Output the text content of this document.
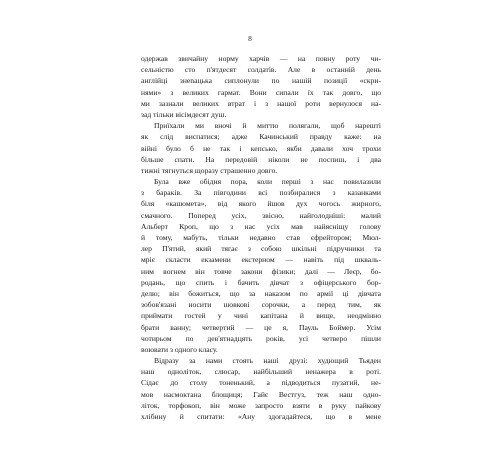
8
одержав звичайну норму харчів — на повну роту чи-
сельністю сто п'ятдесят солдатів. Але в останній день
англійці знenацька сиплонули по нашій позиції «скри-
нями» з великих гармат. Вони сипали їх так довго, що
ми зазнали великих втрат і з нашої роти вернулося на-
зад тільки вісімдесят душ.
Приїхали ми вночі й миттю полягали, щоб нарешті
як слід виспатися; адже Качинський правду каже: на
війні було б не так і кепсько, якби давали хоч трохи
більше спати. На передовій ніколи не поспиш, і два
тижні тягнуться щоразу страшенно довго.
Була вже обідня пора, коли перші з нас повилазили
з бараків. За півгодини всі позбиралися з казанками
біля «кашомета», від якого йшов дух чогось жирного,
смачного. Поперед усіх, звісно, найголодніші: малий
Альберт Кроп, що з нас усіх мав найясніщу голову
й тому, мабуть, тільки недавно став єфрейтором; Мюл-
лер П'ятий, який тягає з собою шкільні підручники та
мріє скласти екзамени екстерном — навіть під шкваль-
ним вогнем він товче закони фізики; далі — Леєр, бо-
родань, що спить і бачить дівчат з офіцерського бор-
делю; він божиться, що за наказом по армії ці дівчата
зобов'язані носити шовкові сорочки, а перед тим, як
приймати гостей у чині капітана й вище, неодмінно
брати ванну; четвертий — це я, Пауль Боймер. Усім
чотирьом по дев'ятнадцять років, усі четверо пішли
воювати з одного класу.
Відразу за нами стоять наші друзі: худющий Тьяден
наш одноліток, слюсар, найбільший ненажера в роті.
Сідає до столу тоненький, а підводиться пузатий, не-
мов насмоктана блощиця; Гайє Вестгуз, теж наш одно-
літок, торфокоп, він може запросто взяти в руку пайкову
хлібину й спитати: «Ану здогадайтеся, що в мене
